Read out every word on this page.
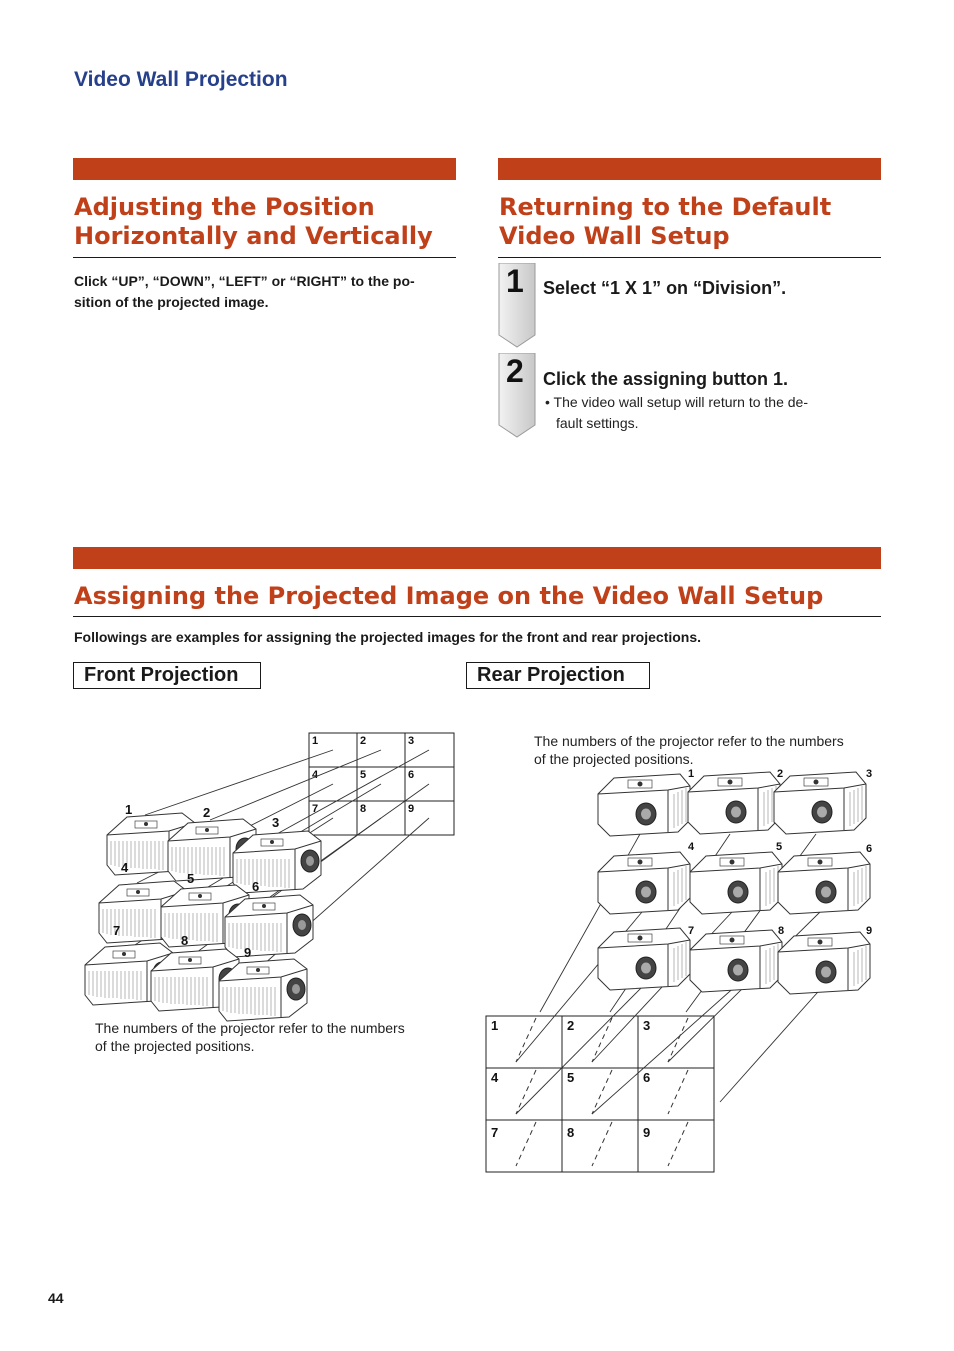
Video Wall Projection
Adjusting the Position
Horizontally and Vertically
Click “UP”, “DOWN”, “LEFT” or “RIGHT” to the po-
sition of the projected image.
Returning to the Default
Video Wall Setup
1 Select “1 X 1” on “Division”.
2 Click the assigning button 1.
• The video wall setup will return to the de-
fault settings.
Assigning the Projected Image on the Video Wall Setup
Followings are examples for assigning the projected images for the front and rear projections.
Front Projection	Rear Projection
1	2	3
4	5	6
7	8	9
1	2
3
4
5
6
7
8
9
The numbers of the projector refer to the numbers
of the projected positions.
The numbers of the projector refer to the numbers
of the projected positions.
1	2	3
4	5	6
7	8	9
1	2	3
4	5	6
7	8	9
44
